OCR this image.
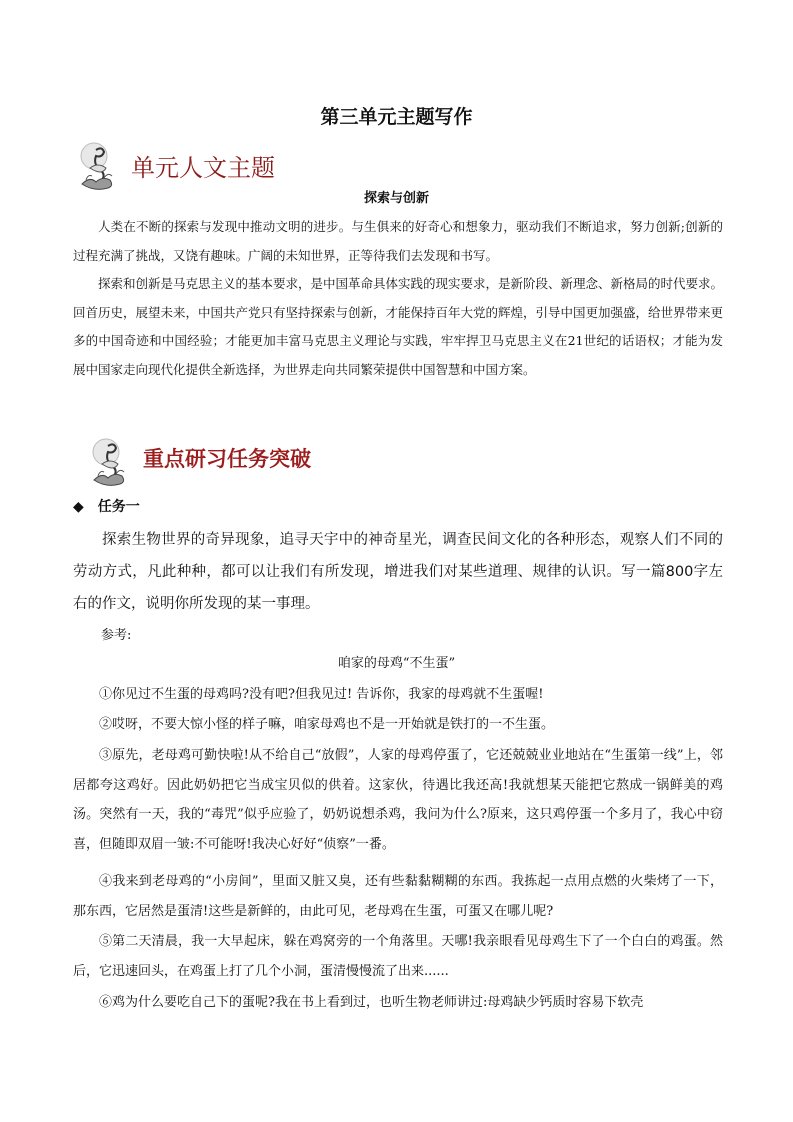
第三单元主题写作
单元人文主题
探索与创新
人类在不断的探索与发现中推动文明的进步。与生俱来的好奇心和想象力，驱动我们不断追求，努力创新;创新的过程充满了挑战，又饶有趣味。广阔的未知世界，正等待我们去发现和书写。
探索和创新是马克思主义的基本要求，是中国革命具体实践的现实要求，是新阶段、新理念、新格局的时代要求。回首历史，展望未来，中国共产党只有坚持探索与创新，才能保持百年大党的辉煌，引导中国更加强盛，给世界带来更多的中国奇迹和中国经验；才能更加丰富马克思主义理论与实践，牢牢捍卫马克思主义在21世纪的话语权；才能为发展中国家走向现代化提供全新选择，为世界走向共同繁荣提供中国智慧和中国方案。
重点研习任务突破
◆ 任务一
探索生物世界的奇异现象，追寻天宇中的神奇星光，调查民间文化的各种形态，观察人们不同的劳动方式，凡此种种，都可以让我们有所发现，增进我们对某些道理、规律的认识。写一篇800字左右的作文，说明你所发现的某一事理。
参考:
咱家的母鸡“不生蛋”
①你见过不生蛋的母鸡吗?没有吧?但我见过! 告诉你，我家的母鸡就不生蛋喔!
②哎呀，不要大惊小怪的样子嘛，咱家母鸡也不是一开始就是铁打的一不生蛋。
③原先，老母鸡可勤快啦!从不给自己“放假”，人家的母鸡停蛋了，它还兢兢业业地站在“生蛋第一线”上，邻居都夸这鸡好。因此奶奶把它当成宝贝似的供着。这家伙，待遇比我还高!我就想某天能把它熬成一锅鲜美的鸡汤。突然有一天，我的“毒咒”似乎应验了，奶奶说想杀鸡，我问为什么?原来，这只鸡停蛋一个多月了，我心中窃喜，但随即双眉一皱:不可能呀!我决心好好“侦察”一番。
④我来到老母鸡的“小房间”，里面又脏又臭，还有些黏黏糊糊的东西。我拣起一点用点燃的火柴烤了一下，那东西，它居然是蛋清!这些是新鲜的，由此可见，老母鸡在生蛋，可蛋又在哪儿呢?
⑤第二天清晨，我一大早起床，躲在鸡窝旁的一个角落里。天哪!我亲眼看见母鸡生下了一个白白的鸡蛋。然后，它迅速回头，在鸡蛋上打了几个小洞，蛋清慢慢流了出来......
⑥鸡为什么要吃自己下的蛋呢?我在书上看到过，也听生物老师讲过:母鸡缺少钙质时容易下软壳
